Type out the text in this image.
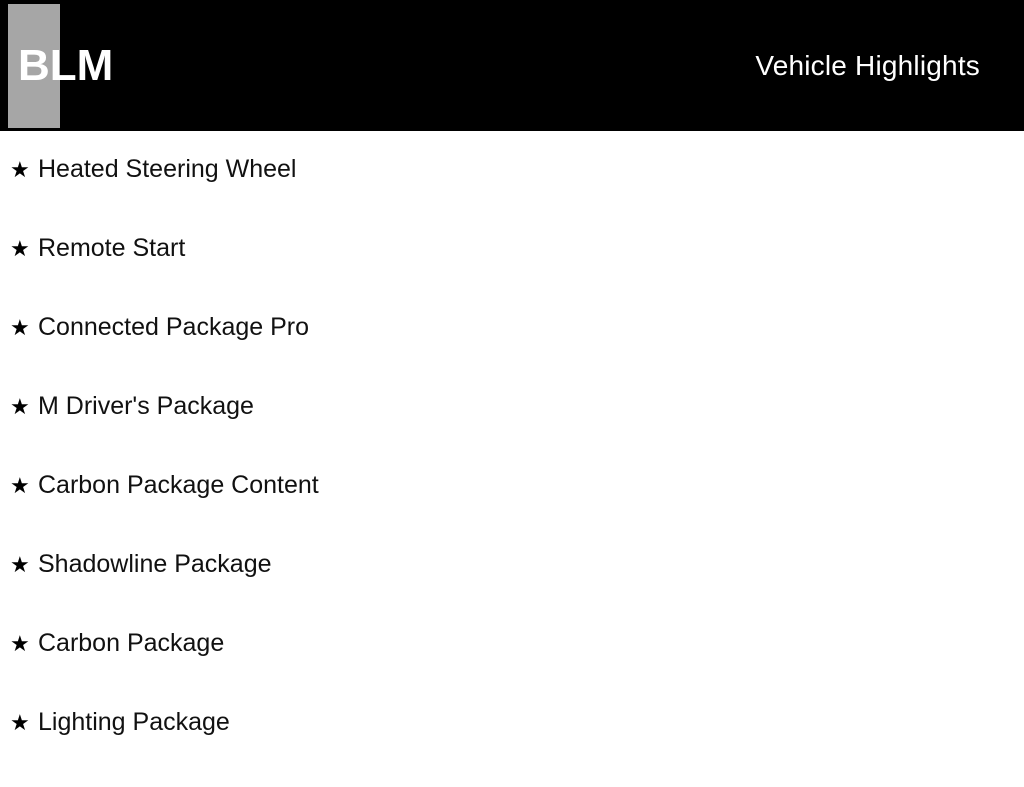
BLM	Vehicle Highlights
★ Heated Steering Wheel
★ Remote Start
★ Connected Package Pro
★ M Driver's Package
★ Carbon Package Content
★ Shadowline Package
★ Carbon Package
★ Lighting Package
